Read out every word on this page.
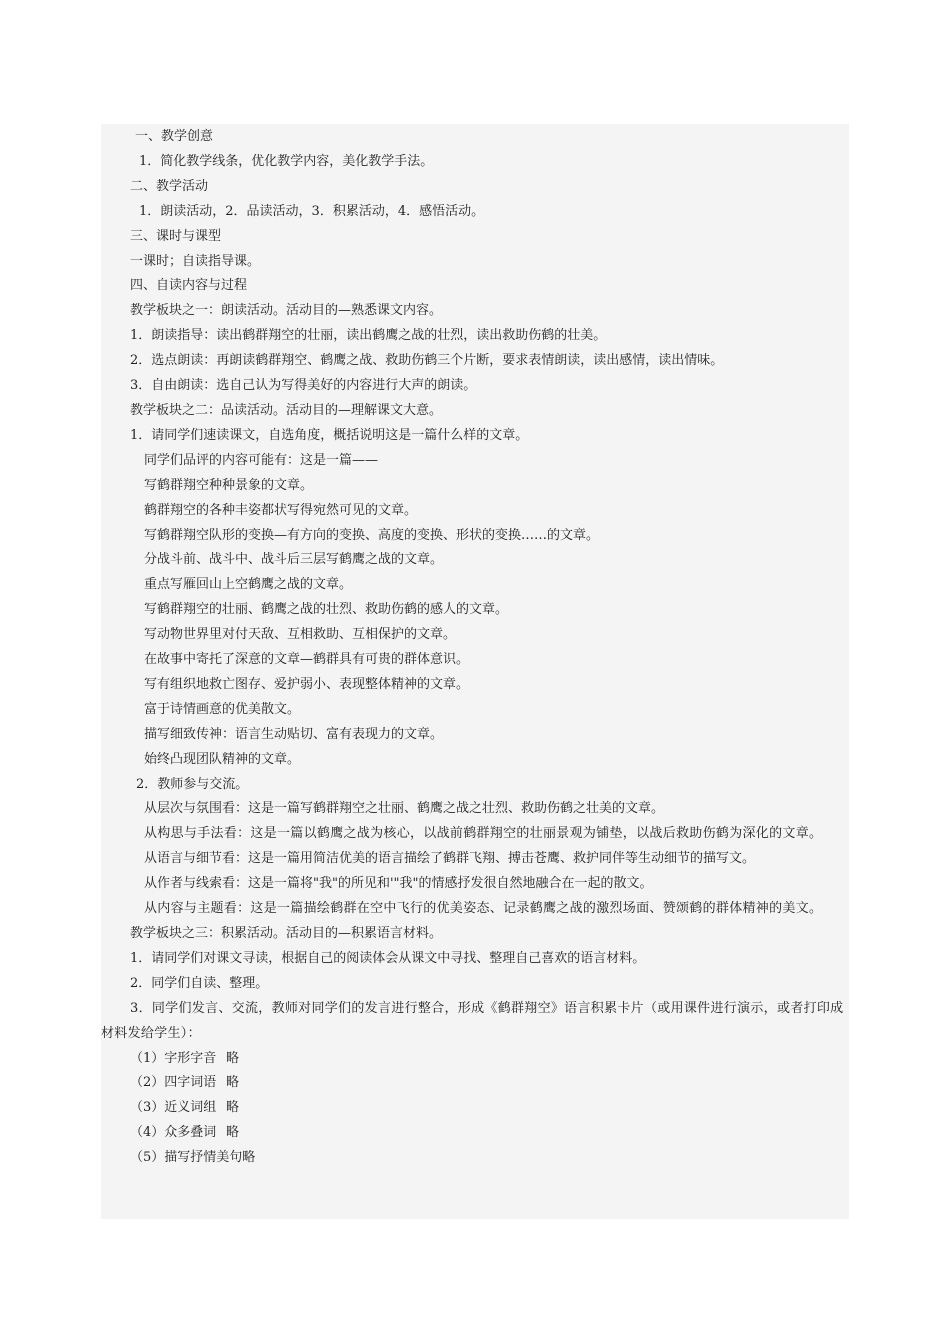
一、教学创意

1．简化教学线条，优化教学内容，美化教学手法。

二、教学活动

1．朗读活动，2．品读活动，3．积累活动，4．感悟活动。

三、课时与课型

一课时；自读指导课。

四、自读内容与过程

教学板块之一：朗读活动。活动目的—熟悉课文内容。

1．朗读指导：读出鹤群翔空的壮丽，读出鹤鹰之战的壮烈，读出救助伤鹤的壮美。

2．选点朗读：再朗读鹤群翔空、鹤鹰之战、救助伤鹤三个片断，要求表情朗读，读出感情，读出情味。

3．自由朗读：选自己认为写得美好的内容进行大声的朗读。

教学板块之二：品读活动。活动目的—理解课文大意。

1．请同学们速读课文，自选角度，概括说明这是一篇什么样的文章。

同学们品评的内容可能有：这是一篇——

写鹤群翔空种种景象的文章。

鹤群翔空的各种丰姿都状写得宛然可见的文章。

写鹤群翔空队形的变换—有方向的变换、高度的变换、形状的变换……的文章。

分战斗前、战斗中、战斗后三层写鹤鹰之战的文章。

重点写雁回山上空鹤鹰之战的文章。

写鹤群翔空的壮丽、鹤鹰之战的壮烈、救助伤鹤的感人的文章。

写动物世界里对付天敌、互相救助、互相保护的文章。

在故事中寄托了深意的文章—鹤群具有可贵的群体意识。

写有组织地救亡图存、爱护弱小、表现整体精神的文章。

富于诗情画意的优美散文。

描写细致传神：语言生动贴切、富有表现力的文章。

始终凸现团队精神的文章。

2．教师参与交流。

从层次与氛围看：这是一篇写鹤群翔空之壮丽、鹤鹰之战之壮烈、救助伤鹤之壮美的文章。

从构思与手法看：这是一篇以鹤鹰之战为核心，以战前鹤群翔空的壮丽景观为铺垫，以战后救助伤鹤为深化的文章。

从语言与细节看：这是一篇用简洁优美的语言描绘了鹤群飞翔、搏击苍鹰、救护同伴等生动细节的描写文。

从作者与线索看：这是一篇将"我"的所见和'"我"的情感抒发很自然地融合在一起的散文。

从内容与主题看：这是一篇描绘鹤群在空中飞行的优美姿态、记录鹤鹰之战的激烈场面、赞颂鹤的群体精神的美文。

教学板块之三：积累活动。活动目的—积累语言材料。

1．请同学们对课文寻读，根据自己的阅读体会从课文中寻找、整理自己喜欢的语言材料。

2．同学们自读、整理。

3．同学们发言、交流，教师对同学们的发言进行整合，形成《鹤群翔空》语言积累卡片（或用课件进行演示，或者打印成材料发给学生）：

（1）字形字音 略

（2）四字词语 略

（3）近义词组 略

（4）众多叠词 略

（5）描写抒情美句略
